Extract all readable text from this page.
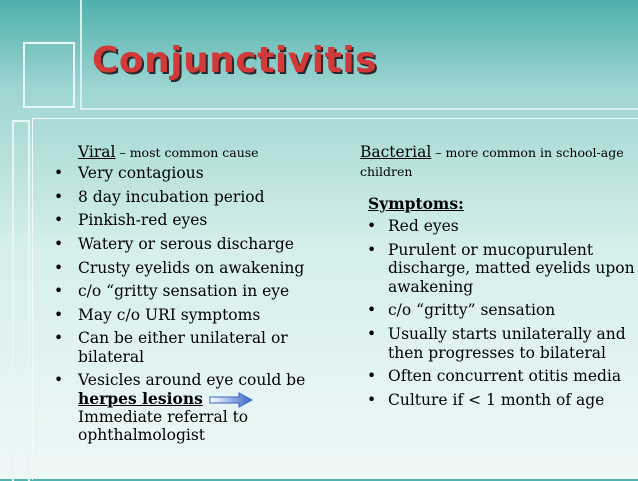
Conjunctivitis
Viral – most common cause
• Very contagious
• 8 day incubation period
• Pinkish-red eyes
• Watery or serous discharge
• Crusty eyelids on awakening
• c/o “gritty sensation in eye
• May c/o URI symptoms
• Can be either unilateral or bilateral
• Vesicles around eye could be
herpes lesions
Immediate referral to ophthalmologist
Bacterial – more common in school-age children
Symptoms:
• Red eyes
• Purulent or mucopurulent discharge, matted eyelids upon awakening
• c/o “gritty” sensation
• Usually starts unilaterally and then progresses to bilateral
• Often concurrent otitis media
• Culture if < 1 month of age
